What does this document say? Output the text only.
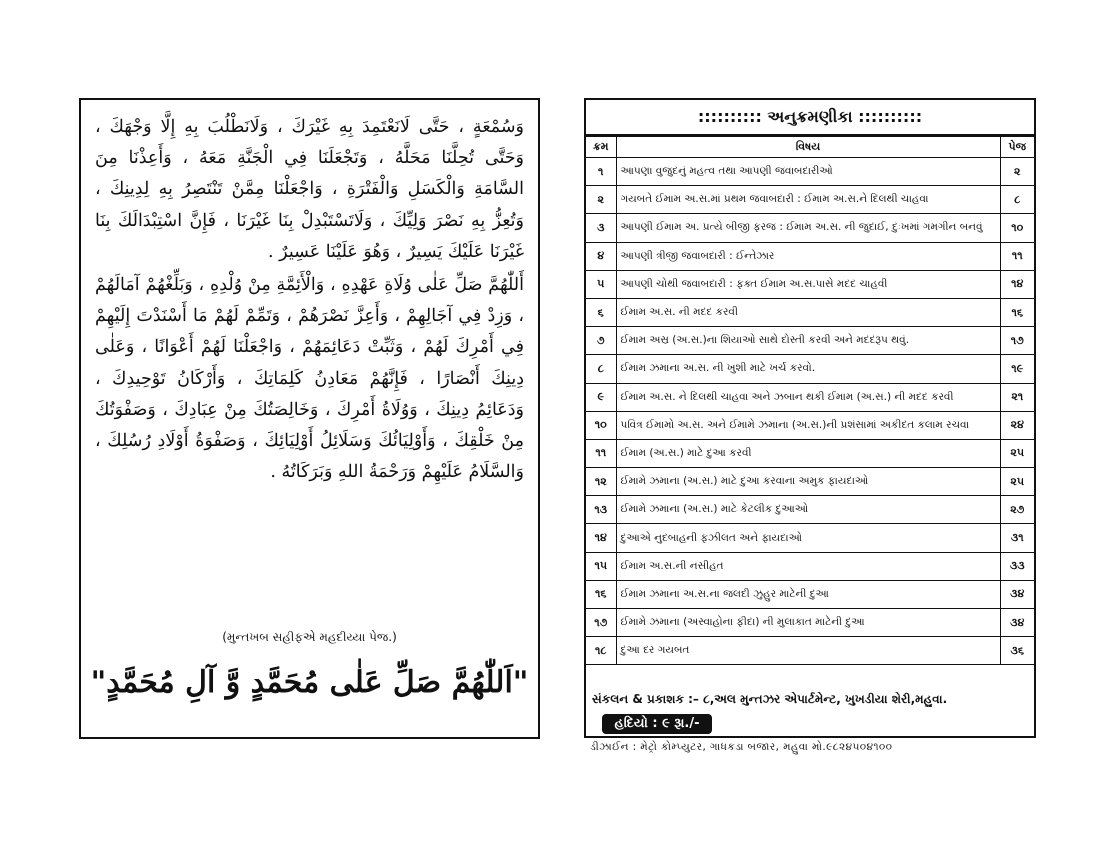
وَسُمْعَةٍ ، حَتَّى لَانَعْتَمِدَ بِهِ غَيْرَكَ ، وَلَانَطْلُبَ بِهِ إِلَّا وَجْهَكَ ، وَحَتَّى تُحِلَّنَا مَحَلَّهُ ، وَتَجْعَلَنَا فِي الْجَنَّةِ مَعَهُ ، وَأَعِذْنَا مِنَ السَّامَةِ وَالْكَسَلِ وَالْفَتْرَةِ ، وَاجْعَلْنَا مِمَّنْ تَنْتَصِرُ بِهِ لِدِينِكَ ، وَتُعِزُّ بِهِ نَصْرَ وَلِيِّكَ ، وَلَاتَسْتَبْدِلْ بِنَا غَيْرَنَا ، فَإِنَّ اسْتِبْدَالَكَ بِنَا غَيْرَنَا عَلَيْكَ يَسِيرٌ ، وَهُوَ عَلَيْنَا عَسِيرٌ .

أَللّٰهُمَّ صَلِّ عَلٰى وُلَاةِ عَهْدِهِ ، وَالْأَئِمَّةِ مِنْ وُلْدِهِ ، وَبَلِّغْهُمْ آمَالَهُمْ ، وَزِدْ فِي آجَالِهِمْ ، وَأَعِزَّ نَصْرَهُمْ ، وَتَمِّمْ لَهُمْ مَا أَسْنَدْتَ إِلَيْهِمْ فِي أَمْرِكَ لَهُمْ ، وَثَبِّتْ دَعَائِمَهُمْ ، وَاجْعَلْنَا لَهُمْ أَعْوَانًا ، وَعَلٰى دِينِكَ أَنْصَارًا ، فَإِنَّهُمْ مَعَادِنُ كَلِمَاتِكَ ، وَأَرْكَانُ تَوْحِيدِكَ ، وَدَعَائِمُ دِينِكَ ، وَوُلَاةُ أَمْرِكَ ، وَخَالِصَتُكَ مِنْ عِبَادِكَ ، وَصَفْوَتُكَ مِنْ خَلْقِكَ ، وَأَوْلِيَائُكَ وَسَلَائِلُ أَوْلِيَائِكَ ، وَصَفْوَةُ أَوْلَادِ رُسُلِكَ ، وَالسَّلَامُ عَلَيْهِمْ وَرَحْمَةُ اللهِ وَبَرَكَاتُهُ .

(મુન્તખબ સહીફએ મહદીય્યા પેજ.)
"اَللّٰهُمَّ صَلِّ عَلٰى مُحَمَّدٍ وَّ آلِ مُحَمَّدٍ"
:::::::::: અનુક્રમણીકા ::::::::::
ક્રમ	વિષય	પેજ
૧	આપણા વુજુદનું મહત્વ તથા આપણી જવાબદારીઓ	૨
૨	ગયબતે ઈમામ અ.સ.માં પ્રથમ જવાબદારી : ઈમામ અ.સ.ને દિલથી ચાહવા	૮
૩	આપણી ઈમામ અ. પ્રત્યે બીજી ફરજ : ઈમામ અ.સ. ની જુદાઈ, દુઃખમાં ગમગીન બનવું	૧૦
૪	આપણી ત્રીજી જવાબદારી : ઈન્તેઝાર	૧૧
૫	આપણી ચોથી જવાબદારી : ફક્ત ઈમામ અ.સ.પાસે મદદ ચાહવી	૧૪
૬	ઈમામ અ.સ. ની મદદ કરવી	૧૬
૭	ઈમામ અસ્ર (અ.સ.)ના શિયાઓ સાથે દોસ્તી કરવી અને મદદરૂપ થવું.	૧૭
૮	ઈમામ ઝમાના અ.સ. ની ખુશી માટે ખર્ચ કરવો.	૧૯
૯	ઈમામ અ.સ. ને દિલથી ચાહવા અને ઝબાન થકી ઈમામ (અ.સ.) ની મદદ કરવી	૨૧
૧૦	પવિત્ર ઈમામો અ.સ. અને ઈમામે ઝમાના (અ.સ.)ની પ્રશંસામાં અકીદત કલામ રચવા	૨૪
૧૧	ઈમામ (અ.સ.) માટે દુઆ કરવી	૨૫
૧૨	ઈમામે ઝમાના (અ.સ.) માટે દુઆ કરવાના અમુક ફાયદાઓ	૨૫
૧૩	ઈમામે ઝમાના (અ.સ.) માટે કેટલીક દુઆઓ	૨૭
૧૪	દુઆએ નુદબાહની ફઝીલત અને ફાયદાઓ	૩૧
૧૫	ઈમામ અ.સ.ની નસીહત	૩૩
૧૬	ઈમામ ઝમાના અ.સ.ના જલદી ઝુહુર માટેની દુઆ	૩૪
૧૭	ઈમામે ઝમાના (અસ્વાહોના ફીદા) ની મુલાકાત માટેની દુઆ	૩૪
૧૮	દુઆ દર ગયબત	૩૬
સંકલન & પ્રકાશક :– ૮,અલ મુન્તઝર એપાર્ટમેન્ટ, ખુખડીયા શેરી,મહુવા.
હદિયો : ૯ રૂા./-
ડીઝાઈન : મેટ્રો કોમ્પ્યુટર, ગાધકડા બજાર, મહુવા મો.૯૮૨૪૫૦૪૧૦૦
